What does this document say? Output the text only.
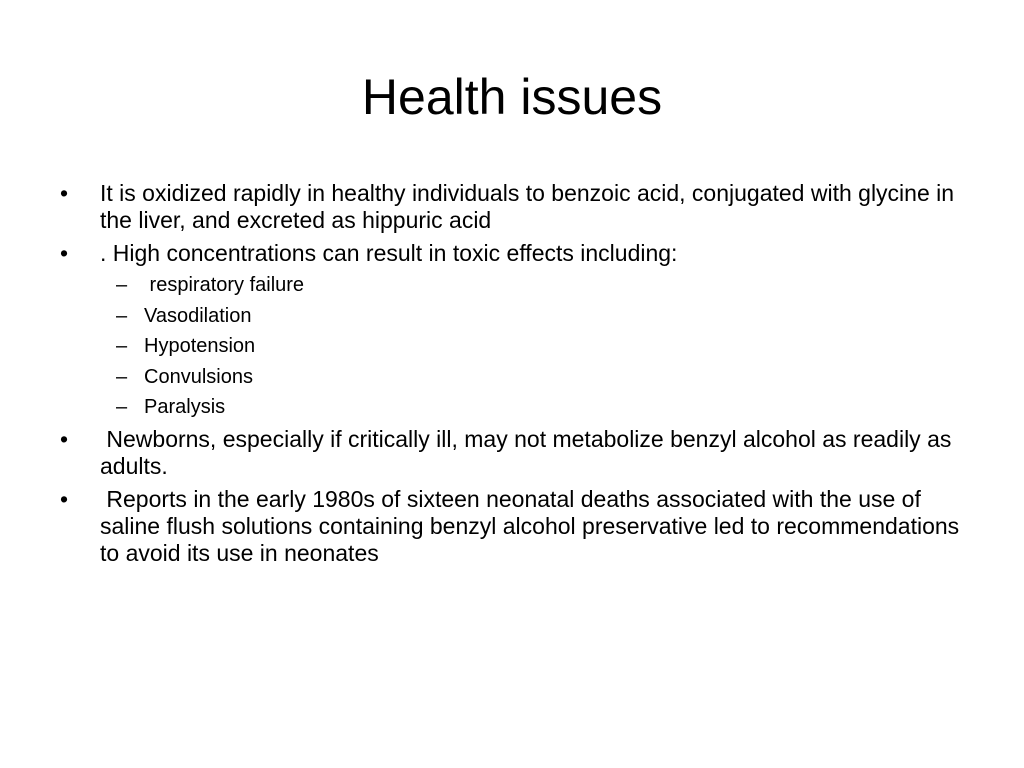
Health issues
• It is oxidized rapidly in healthy individuals to benzoic acid, conjugated with glycine in the liver, and excreted as hippuric acid
• . High concentrations can result in toxic effects including:
– respiratory failure
– Vasodilation
– Hypotension
– Convulsions
– Paralysis
• Newborns, especially if critically ill, may not metabolize benzyl alcohol as readily as adults.
• Reports in the early 1980s of sixteen neonatal deaths associated with the use of saline flush solutions containing benzyl alcohol preservative led to recommendations to avoid its use in neonates
